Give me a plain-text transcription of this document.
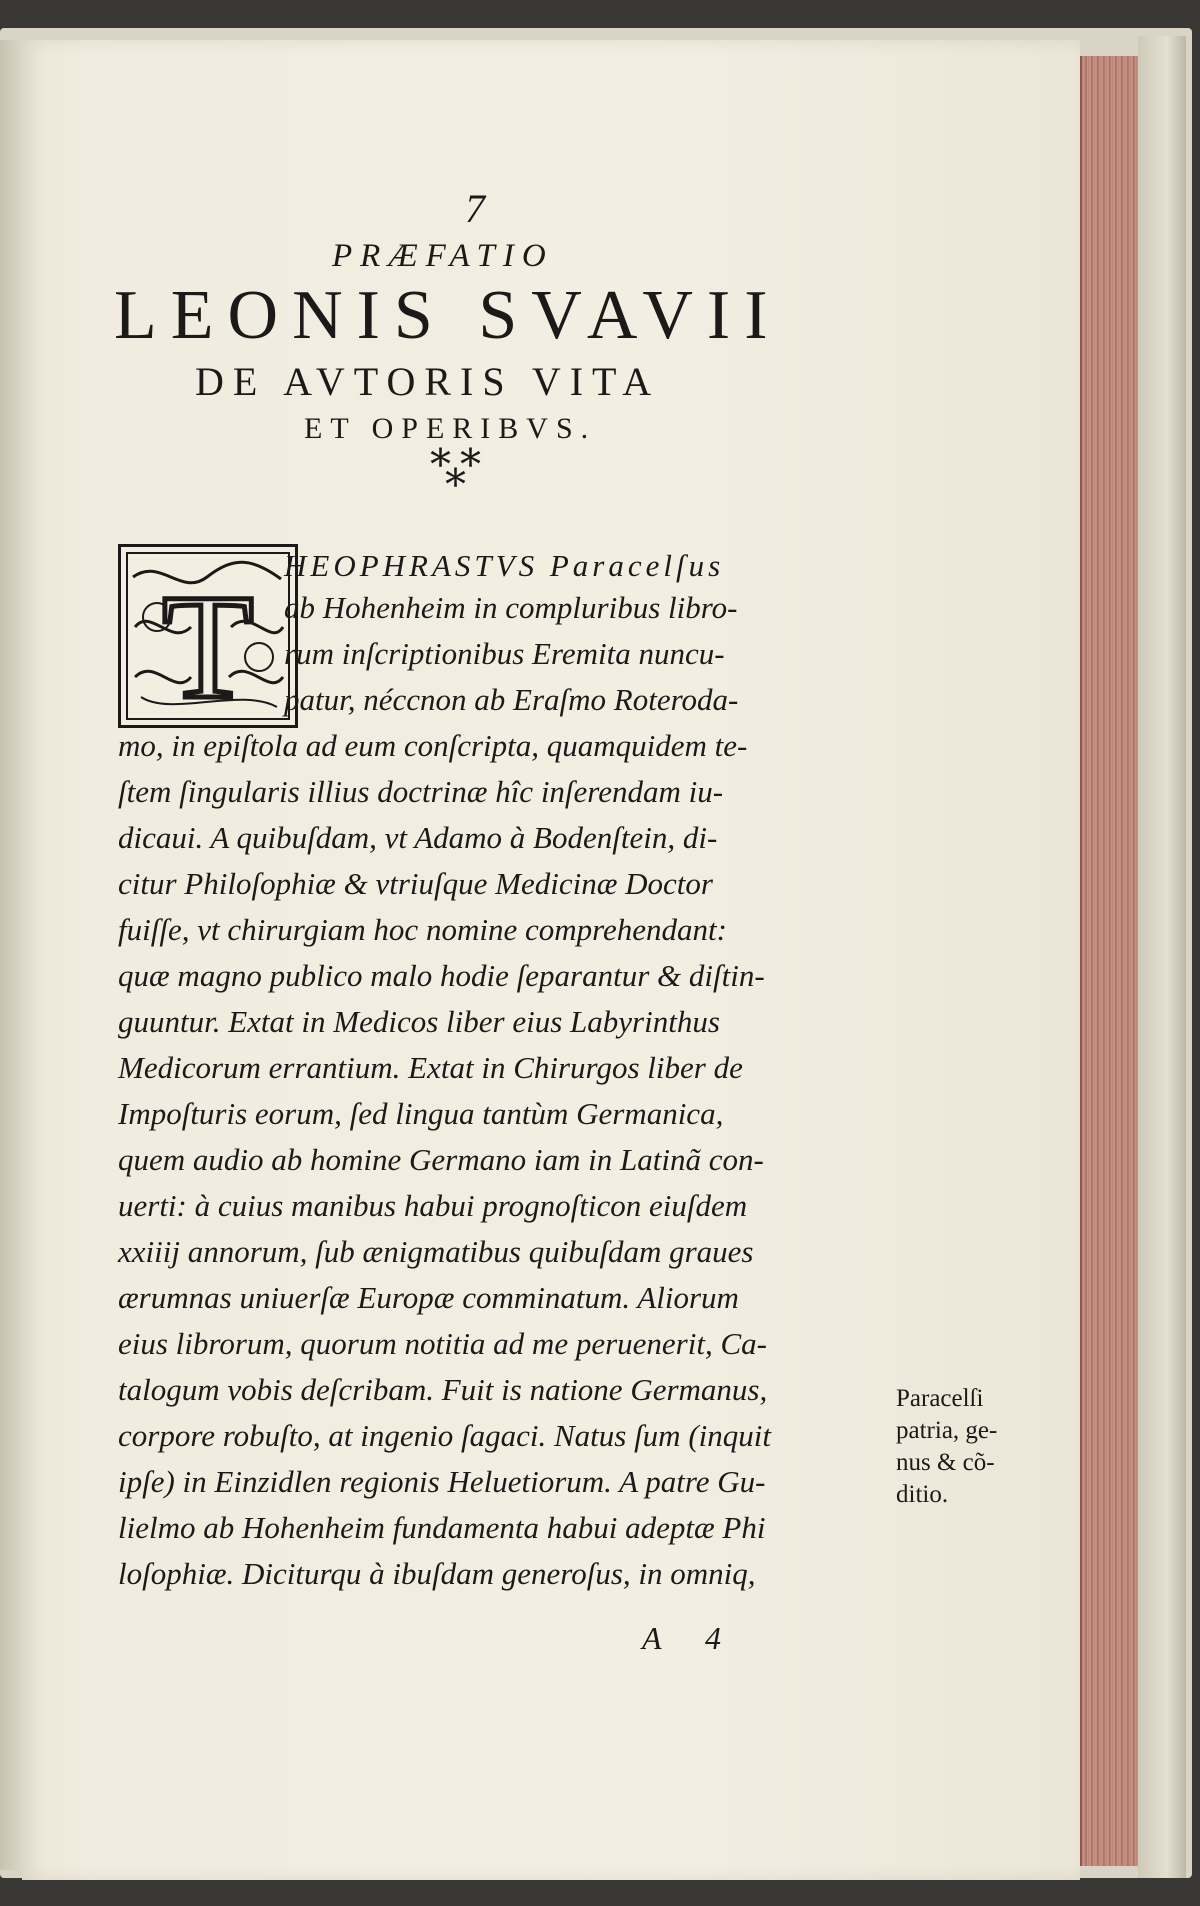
7
PRÆFATIO
LEONIS SVAVII
DE AVTORIS VITA
ET OPERIBVS.
* *
*
T HEOPHRASTVS Paracelſus
ab Hohenheim in compluribus libro-
rum inſcriptionibus Eremita nuncu-
patur, néccnon ab Eraſmo Roteroda-
mo, in epiſtola ad eum conſcripta, quamquidem te-
ſtem ſingularis illius doctrinæ hîc inſerendam iu-
dicaui. A quibuſdam, vt Adamo à Bodenſtein, di-
citur Philoſophiæ & vtriuſque Medicinæ Doctor
fuiſſe, vt chirurgiam hoc nomine comprehendant:
quæ magno publico malo hodie ſeparantur & diſtin-
guuntur. Extat in Medicos liber eius Labyrinthus
Medicorum errantium. Extat in Chirurgos liber de
Impoſturis eorum, ſed lingua tantùm Germanica,
quem audio ab homine Germano iam in Latinã con-
uerti: à cuius manibus habui prognoſticon eiuſdem
xxiiij annorum, ſub ænigmatibus quibuſdam graues
ærumnas uniuerſæ Europæ comminatum. Aliorum
eius librorum, quorum notitia ad me peruenerit, Ca-
talogum vobis deſcribam. Fuit is natione Germanus,
corpore robuſto, at ingenio ſagaci. Natus ſum (inquit
ipſe) in Einzidlen regionis Heluetiorum. A patre Gu-
lielmo ab Hohenheim fundamenta habui adeptæ Phi
loſophiæ. Diciturqu à ibuſdam generoſus, in omniq,
Paracelſi
patria, ge-
nus & cõ-
ditio.
A 4
